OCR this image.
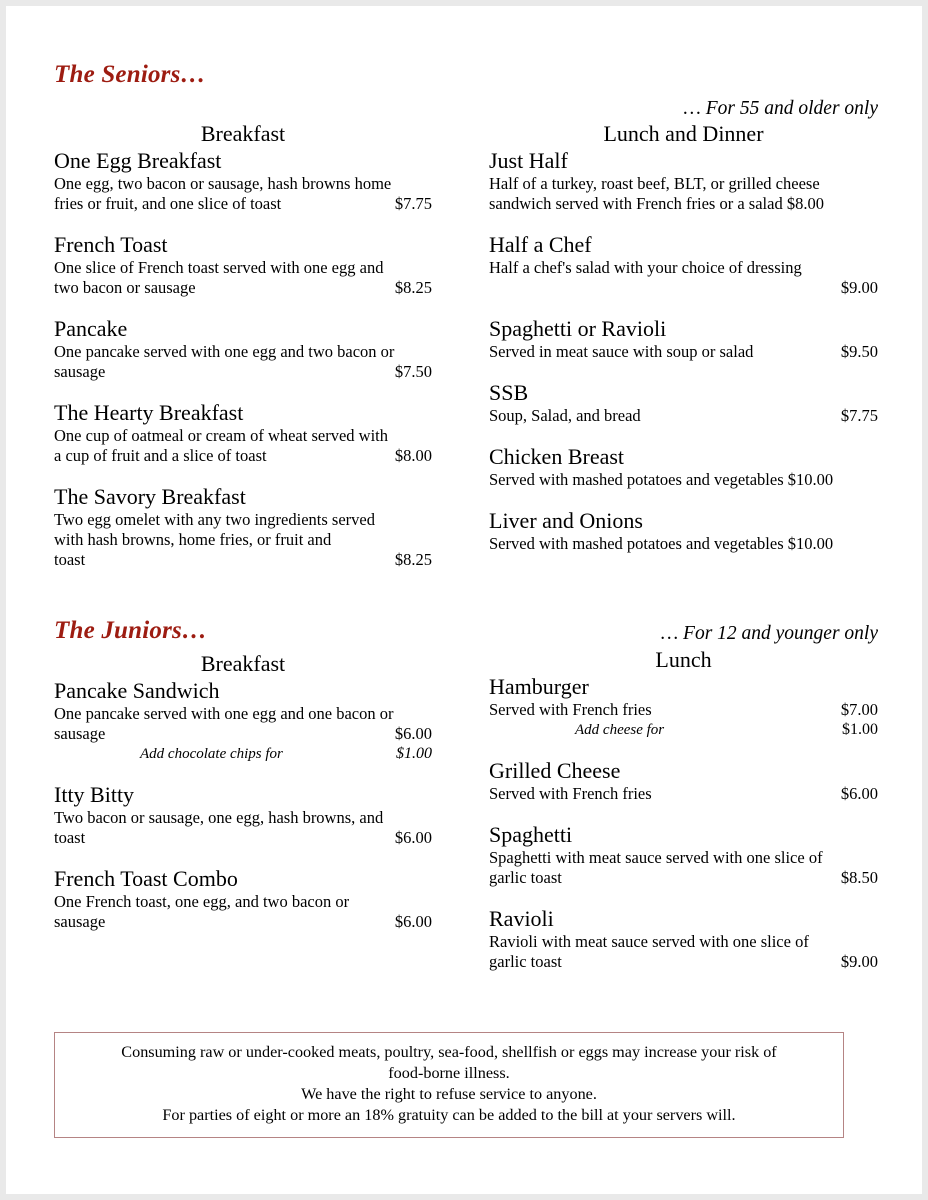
The Seniors…
… For 55 and older only
Breakfast
One Egg Breakfast
One egg, two bacon or sausage, hash browns home
fries or fruit, and one slice of toast	$7.75
French Toast
One slice of French toast served with one egg and
two bacon or sausage	$8.25
Pancake
One pancake served with one egg and two bacon or
sausage	$7.50
The Hearty Breakfast
One cup of oatmeal or cream of wheat served with
a cup of fruit and a slice of toast	$8.00
The Savory Breakfast
Two egg omelet with any two ingredients served
with hash browns, home fries, or fruit and
toast	$8.25
Lunch and Dinner
Just Half
Half of a turkey, roast beef, BLT, or grilled cheese
sandwich served with French fries or a salad $8.00
Half a Chef
Half a chef's salad with your choice of dressing
$9.00
Spaghetti or Ravioli
Served in meat sauce with soup or salad	$9.50
SSB
Soup, Salad, and bread	$7.75
Chicken Breast
Served with mashed potatoes and vegetables $10.00
Liver and Onions
Served with mashed potatoes and vegetables $10.00
The Juniors…	… For 12 and younger only
Breakfast
Pancake Sandwich
One pancake served with one egg and one bacon or
sausage	$6.00
Add chocolate chips for	$1.00
Itty Bitty
Two bacon or sausage, one egg, hash browns, and
toast	$6.00
French Toast Combo
One French toast, one egg, and two bacon or
sausage	$6.00
Lunch
Hamburger
Served with French fries	$7.00
Add cheese for	$1.00
Grilled Cheese
Served with French fries	$6.00
Spaghetti
Spaghetti with meat sauce served with one slice of
garlic toast	$8.50
Ravioli
Ravioli with meat sauce served with one slice of
garlic toast	$9.00

Consuming raw or under-cooked meats, poultry, sea-food, shellfish or eggs may increase your risk of

food-borne illness.

We have the right to refuse service to anyone.

For parties of eight or more an 18% gratuity can be added to the bill at your servers will.
